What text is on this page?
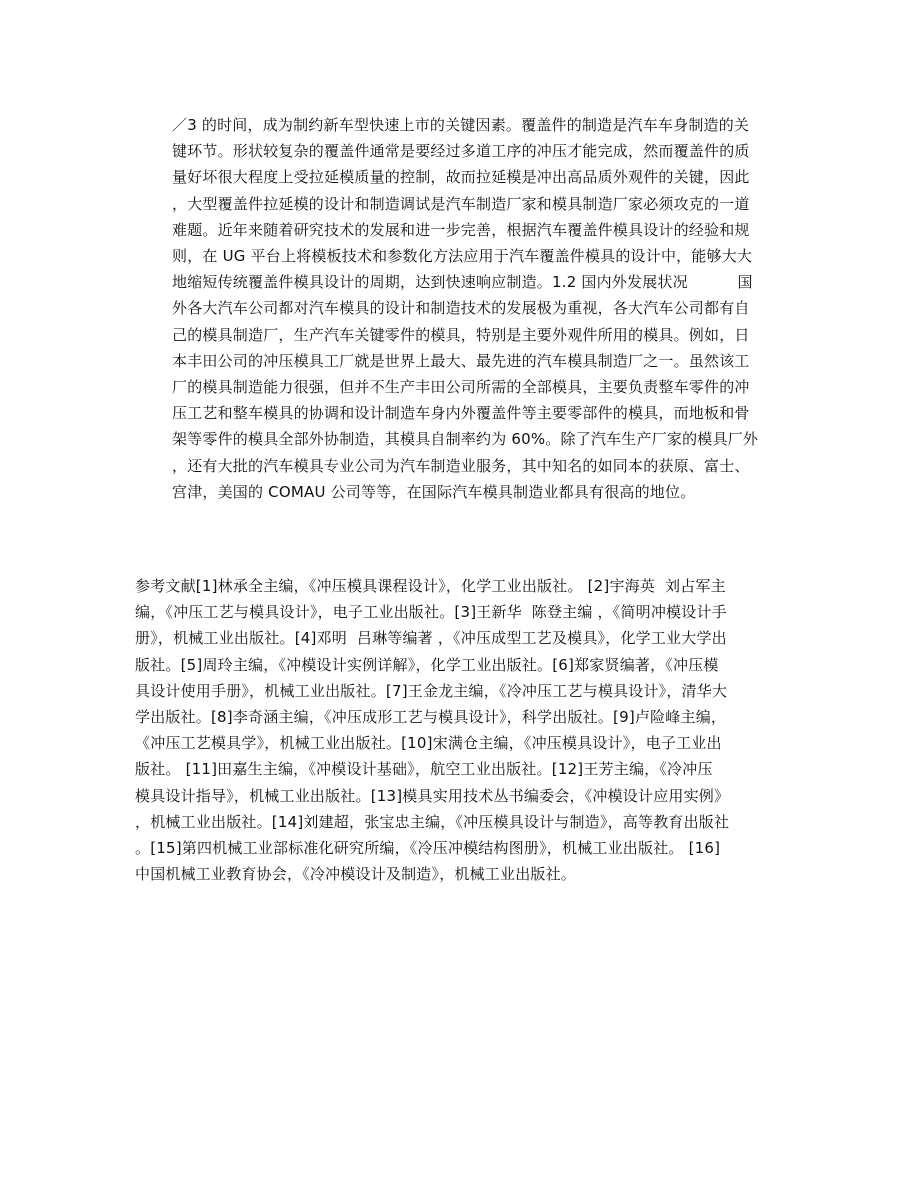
／3 的时间，成为制约新车型快速上市的关键因素。覆盖件的制造是汽车车身制造的关
键环节。形状较复杂的覆盖件通常是要经过多道工序的冲压才能完成，然而覆盖件的质
量好坏很大程度上受拉延模质量的控制，故而拉延模是冲出高品质外观件的关键，因此
，大型覆盖件拉延模的设计和制造调试是汽车制造厂家和模具制造厂家必须攻克的一道
难题。近年来随着研究技术的发展和进一步完善，根据汽车覆盖件模具设计的经验和规
则，在 UG 平台上将模板技术和参数化方法应用于汽车覆盖件模具的设计中，能够大大
地缩短传统覆盖件模具设计的周期，达到快速响应制造。1.2 国内外发展状况          国
外各大汽车公司都对汽车模具的设计和制造技术的发展极为重视，各大汽车公司都有自
己的模具制造厂，生产汽车关键零件的模具，特别是主要外观件所用的模具。例如，日
本丰田公司的冲压模具工厂就是世界上最大、最先进的汽车模具制造厂之一。虽然该工
厂的模具制造能力很强，但并不生产丰田公司所需的全部模具，主要负责整车零件的冲
压工艺和整车模具的协调和设计制造车身内外覆盖件等主要零部件的模具，而地板和骨
架等零件的模具全部外协制造，其模具自制率约为 60%。除了汽车生产厂家的模具厂外
，还有大批的汽车模具专业公司为汽车制造业服务，其中知名的如同本的获原、富士、
宫津，美国的 COMAU 公司等等，在国际汽车模具制造业都具有很高的地位。
参考文献[1]林承全主编，《冲压模具课程设计》，化学工业出版社。 [2]宇海英  刘占军主
编，《冲压工艺与模具设计》，电子工业出版社。[3]王新华  陈登主编 ，《简明冲模设计手
册》，机械工业出版社。[4]邓明  吕琳等编著 ，《冲压成型工艺及模具》，化学工业大学出
版社。[5]周玲主编，《冲模设计实例详解》，化学工业出版社。[6]郑家贤编著，《冲压模
具设计使用手册》，机械工业出版社。[7]王金龙主编，《冷冲压工艺与模具设计》，清华大
学出版社。[8]李奇涵主编，《冲压成形工艺与模具设计》，科学出版社。[9]卢险峰主编，
《冲压工艺模具学》，机械工业出版社。[10]宋满仓主编，《冲压模具设计》，电子工业出
版社。 [11]田嘉生主编，《冲模设计基础》，航空工业出版社。[12]王芳主编，《冷冲压
模具设计指导》，机械工业出版社。[13]模具实用技术丛书编委会，《冲模设计应用实例》
，机械工业出版社。[14]刘建超，张宝忠主编，《冲压模具设计与制造》，高等教育出版社
。[15]第四机械工业部标准化研究所编，《冷压冲模结构图册》，机械工业出版社。 [16]
中国机械工业教育协会，《冷冲模设计及制造》，机械工业出版社。
